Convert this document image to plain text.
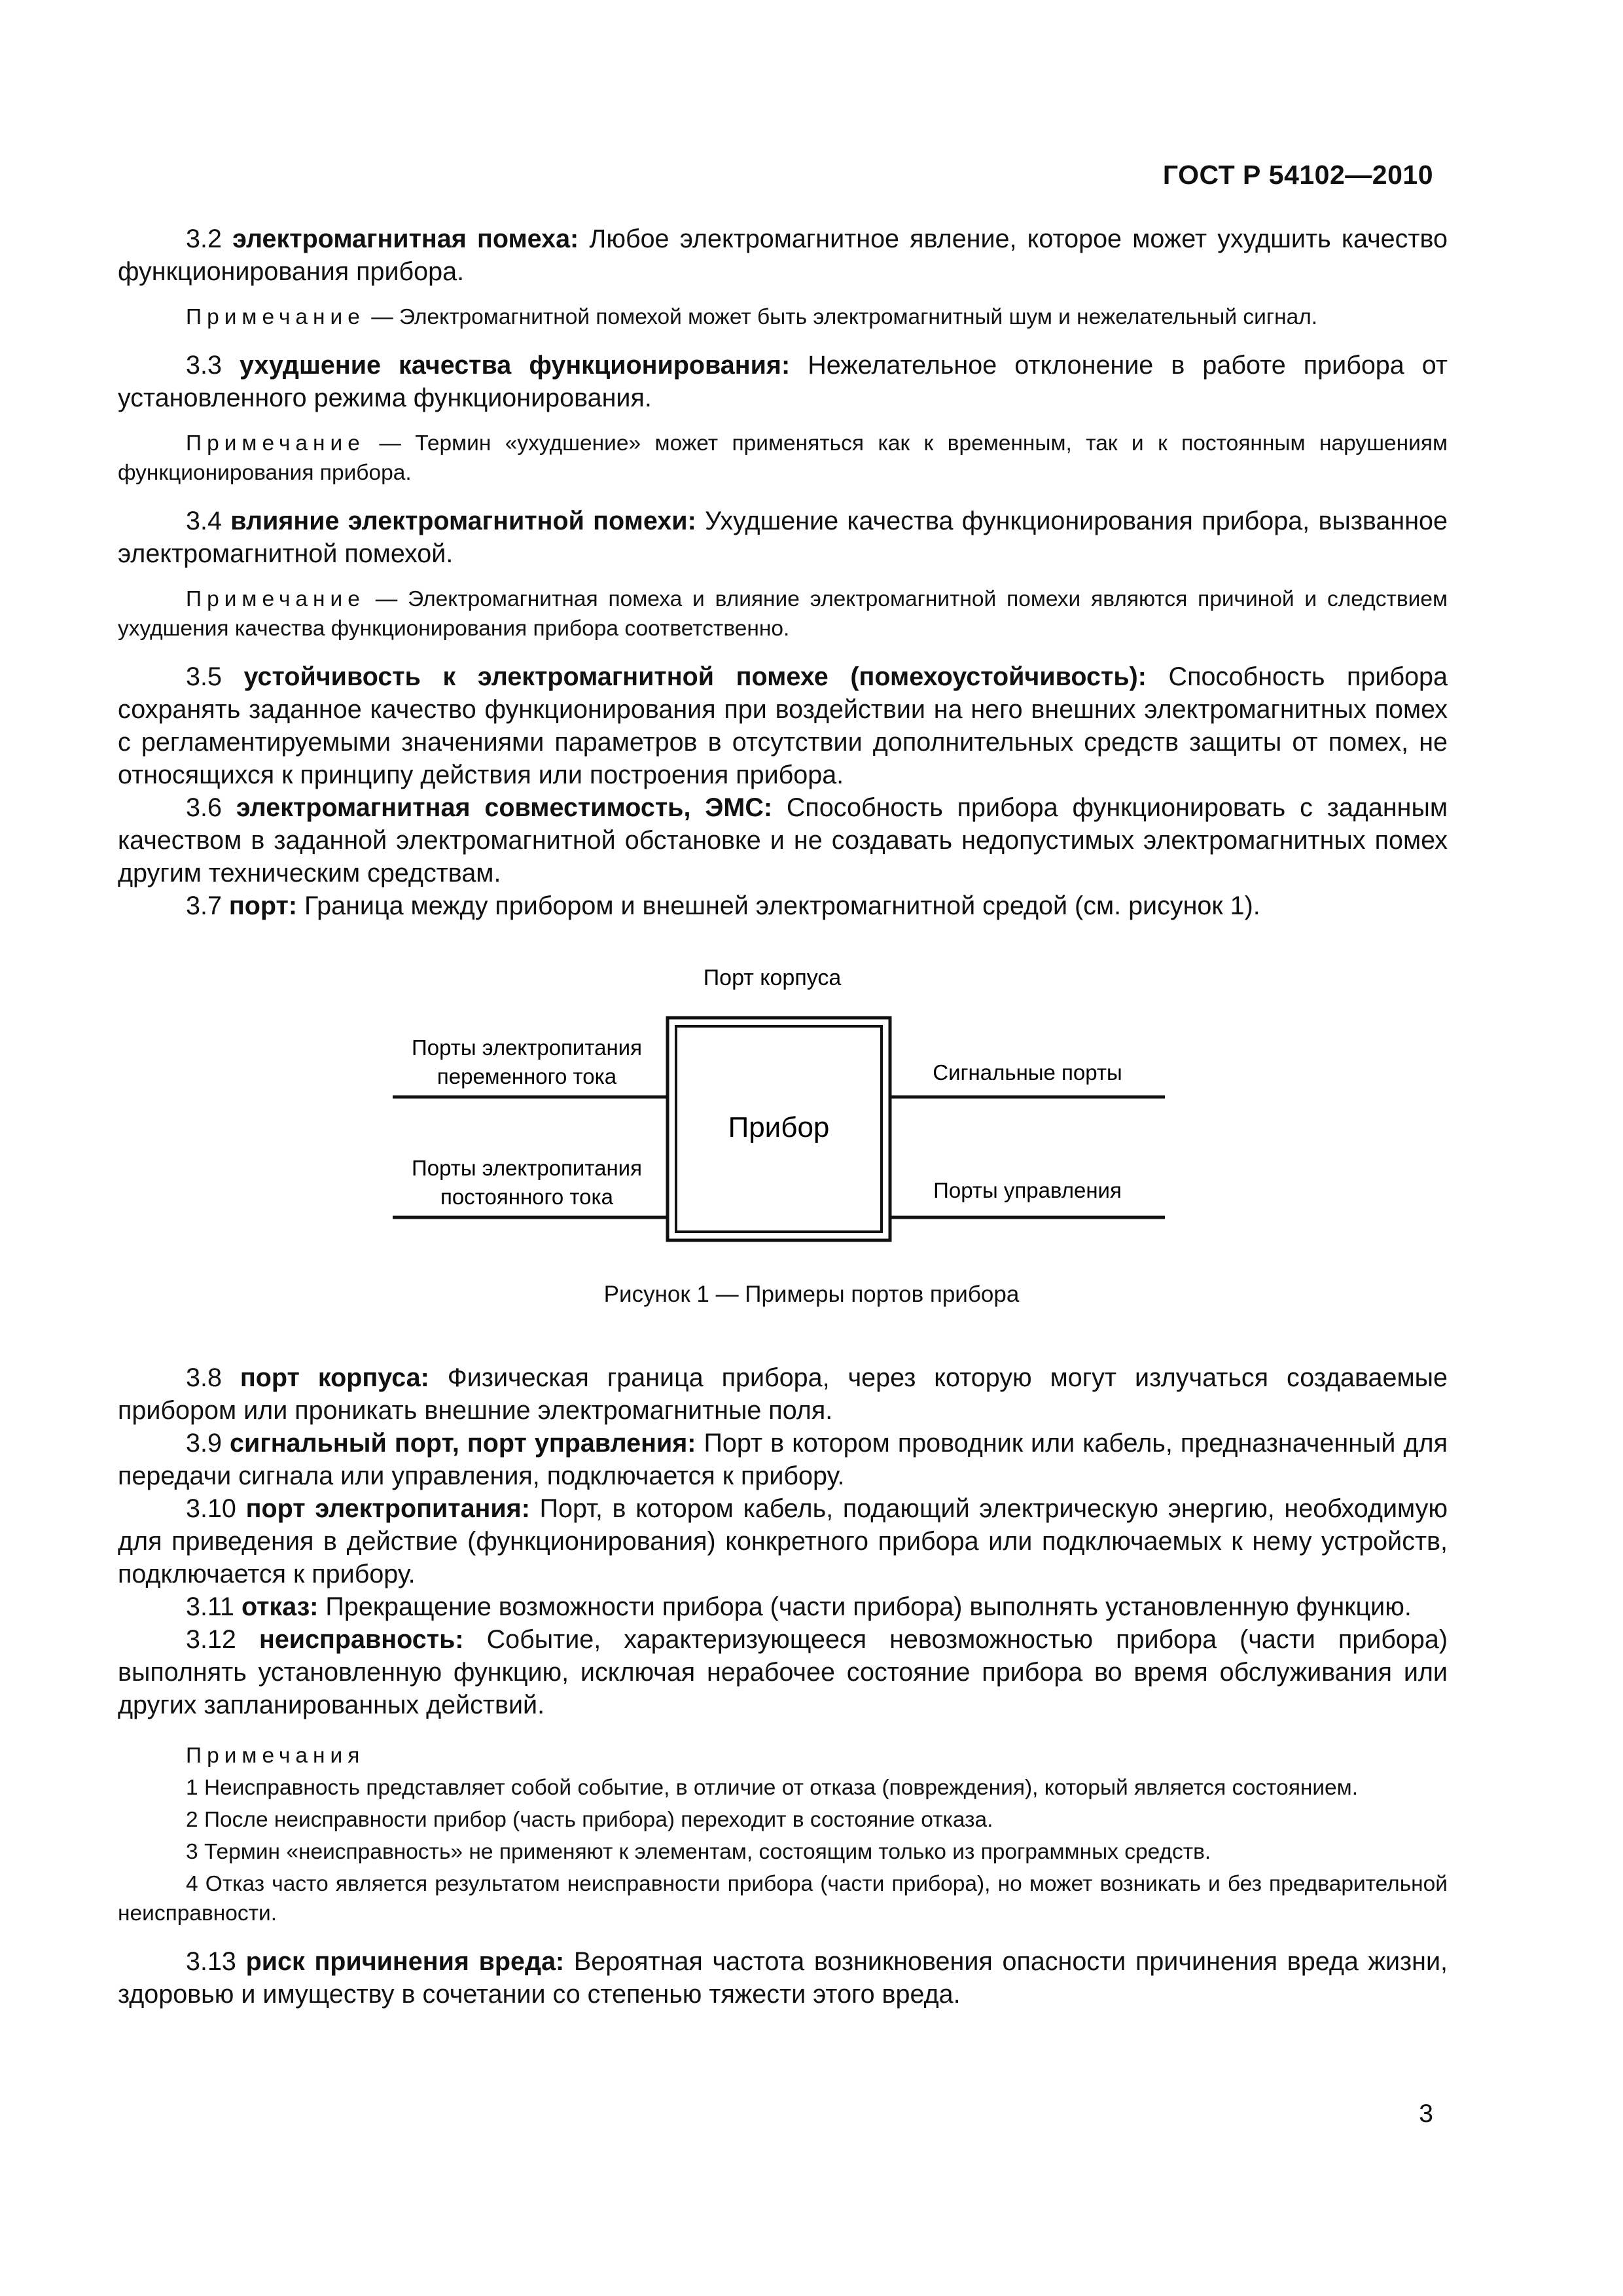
ГОСТ Р 54102—2010

3.2 электромагнитная помеха: Любое электромагнитное явление, которое может ухудшить качество функционирования прибора.

Примечание — Электромагнитной помехой может быть электромагнитный шум и нежелательный сигнал.

3.3 ухудшение качества функционирования: Нежелательное отклонение в работе прибора от установленного режима функционирования.

Примечание — Термин «ухудшение» может применяться как к временным, так и к постоянным нарушениям функционирования прибора.

3.4 влияние электромагнитной помехи: Ухудшение качества функционирования прибора, вызванное электромагнитной помехой.

Примечание — Электромагнитная помеха и влияние электромагнитной помехи являются причиной и следствием ухудшения качества функционирования прибора соответственно.

3.5 устойчивость к электромагнитной помехе (помехоустойчивость): Способность прибора сохранять заданное качество функционирования при воздействии на него внешних электромагнитных помех с регламентируемыми значениями параметров в отсутствии дополнительных средств защиты от помех, не относящихся к принципу действия или построения прибора.

3.6 электромагнитная совместимость, ЭМС: Способность прибора функционировать с заданным качеством в заданной электромагнитной обстановке и не создавать недопустимых электромагнитных помех другим техническим средствам.

3.7 порт: Граница между прибором и внешней электромагнитной средой (см. рисунок 1).

Порт корпуса
Прибор
Порты электропитания
переменного тока
Порты электропитания
постоянного тока
Сигнальные порты
Порты управления
Рисунок 1 — Примеры портов прибора

3.8 порт корпуса: Физическая граница прибора, через которую могут излучаться создаваемые прибором или проникать внешние электромагнитные поля.

3.9 сигнальный порт, порт управления: Порт в котором проводник или кабель, предназначенный для передачи сигнала или управления, подключается к прибору.

3.10 порт электропитания: Порт, в котором кабель, подающий электрическую энергию, необходимую для приведения в действие (функционирования) конкретного прибора или подключаемых к нему устройств, подключается к прибору.

3.11 отказ: Прекращение возможности прибора (части прибора) выполнять установленную функцию.

3.12 неисправность: Событие, характеризующееся невозможностью прибора (части прибора) выполнять установленную функцию, исключая нерабочее состояние прибора во время обслуживания или других запланированных действий.

Примечания

1 Неисправность представляет собой событие, в отличие от отказа (повреждения), который является состоянием.

2 После неисправности прибор (часть прибора) переходит в состояние отказа.

3 Термин «неисправность» не применяют к элементам, состоящим только из программных средств.

4 Отказ часто является результатом неисправности прибора (части прибора), но может возникать и без предварительной неисправности.

3.13 риск причинения вреда: Вероятная частота возникновения опасности причинения вреда жизни, здоровью и имуществу в сочетании со степенью тяжести этого вреда.

3
